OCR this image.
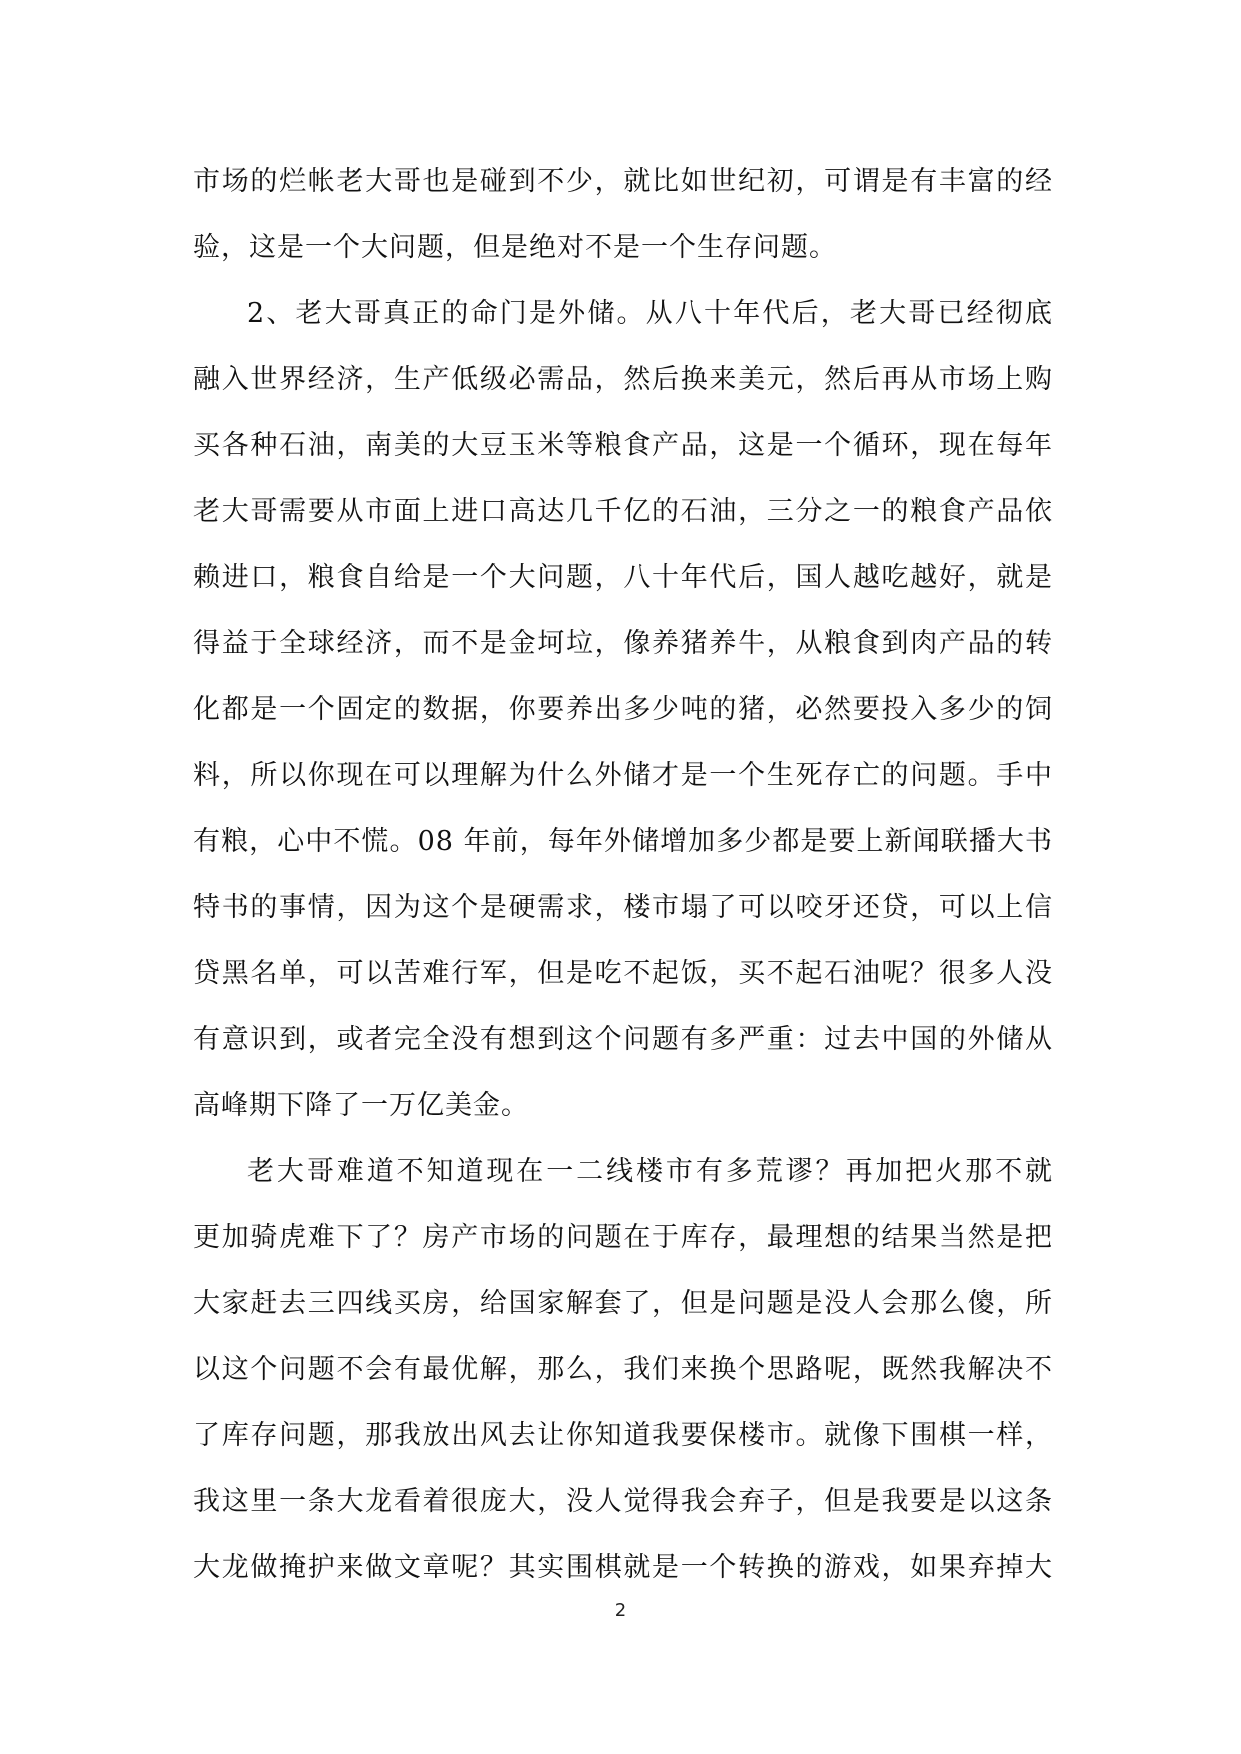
市场的烂帐老大哥也是碰到不少，就比如世纪初，可谓是有丰富的经
验，这是一个大问题，但是绝对不是一个生存问题。
2、老大哥真正的命门是外储。从八十年代后，老大哥已经彻底
融入世界经济，生产低级必需品，然后换来美元，然后再从市场上购
买各种石油，南美的大豆玉米等粮食产品，这是一个循环，现在每年
老大哥需要从市面上进口高达几千亿的石油，三分之一的粮食产品依
赖进口，粮食自给是一个大问题，八十年代后，国人越吃越好，就是
得益于全球经济，而不是金坷垃，像养猪养牛，从粮食到肉产品的转
化都是一个固定的数据，你要养出多少吨的猪，必然要投入多少的饲
料，所以你现在可以理解为什么外储才是一个生死存亡的问题。手中
有粮，心中不慌。08 年前，每年外储增加多少都是要上新闻联播大书
特书的事情，因为这个是硬需求，楼市塌了可以咬牙还贷，可以上信
贷黑名单，可以苦难行军，但是吃不起饭，买不起石油呢？很多人没
有意识到，或者完全没有想到这个问题有多严重：过去中国的外储从
高峰期下降了一万亿美金。
老大哥难道不知道现在一二线楼市有多荒谬？再加把火那不就
更加骑虎难下了？房产市场的问题在于库存，最理想的结果当然是把
大家赶去三四线买房，给国家解套了，但是问题是没人会那么傻，所
以这个问题不会有最优解，那么，我们来换个思路呢，既然我解决不
了库存问题，那我放出风去让你知道我要保楼市。就像下围棋一样，
我这里一条大龙看着很庞大，没人觉得我会弃子，但是我要是以这条
大龙做掩护来做文章呢？其实围棋就是一个转换的游戏，如果弃掉大
2
